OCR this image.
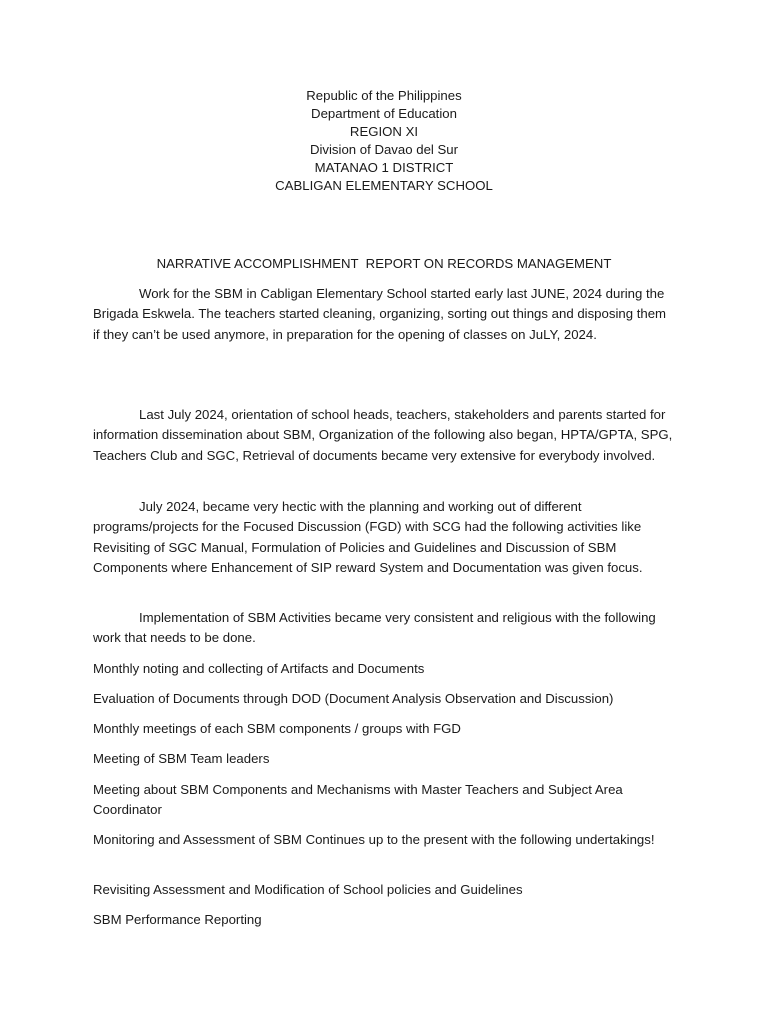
Republic of the Philippines
Department of Education
REGION XI
Division of Davao del Sur
MATANAO 1 DISTRICT
CABLIGAN ELEMENTARY SCHOOL
NARRATIVE ACCOMPLISHMENT  REPORT ON RECORDS MANAGEMENT

Work for the SBM in Cabligan Elementary School started early last JUNE, 2024 during the Brigada Eskwela. The teachers started cleaning, organizing, sorting out things and disposing them if they can’t be used anymore, in preparation for the opening of classes on JuLY, 2024.

Last July 2024, orientation of school heads, teachers, stakeholders and parents started for information dissemination about SBM, Organization of the following also began, HPTA/GPTA, SPG, Teachers Club and SGC, Retrieval of documents became very extensive for everybody involved.

July 2024, became very hectic with the planning and working out of different programs/projects for the Focused Discussion (FGD) with SCG had the following activities like Revisiting of SGC Manual, Formulation of Policies and Guidelines and Discussion of SBM Components where Enhancement of SIP reward System and Documentation was given focus.

Implementation of SBM Activities became very consistent and religious with the following work that needs to be done.

Monthly noting and collecting of Artifacts and Documents

Evaluation of Documents through DOD (Document Analysis Observation and Discussion)

Monthly meetings of each SBM components / groups with FGD

Meeting of SBM Team leaders

Meeting about SBM Components and Mechanisms with Master Teachers and Subject Area Coordinator

Monitoring and Assessment of SBM Continues up to the present with the following undertakings!

Revisiting Assessment and Modification of School policies and Guidelines

SBM Performance Reporting
